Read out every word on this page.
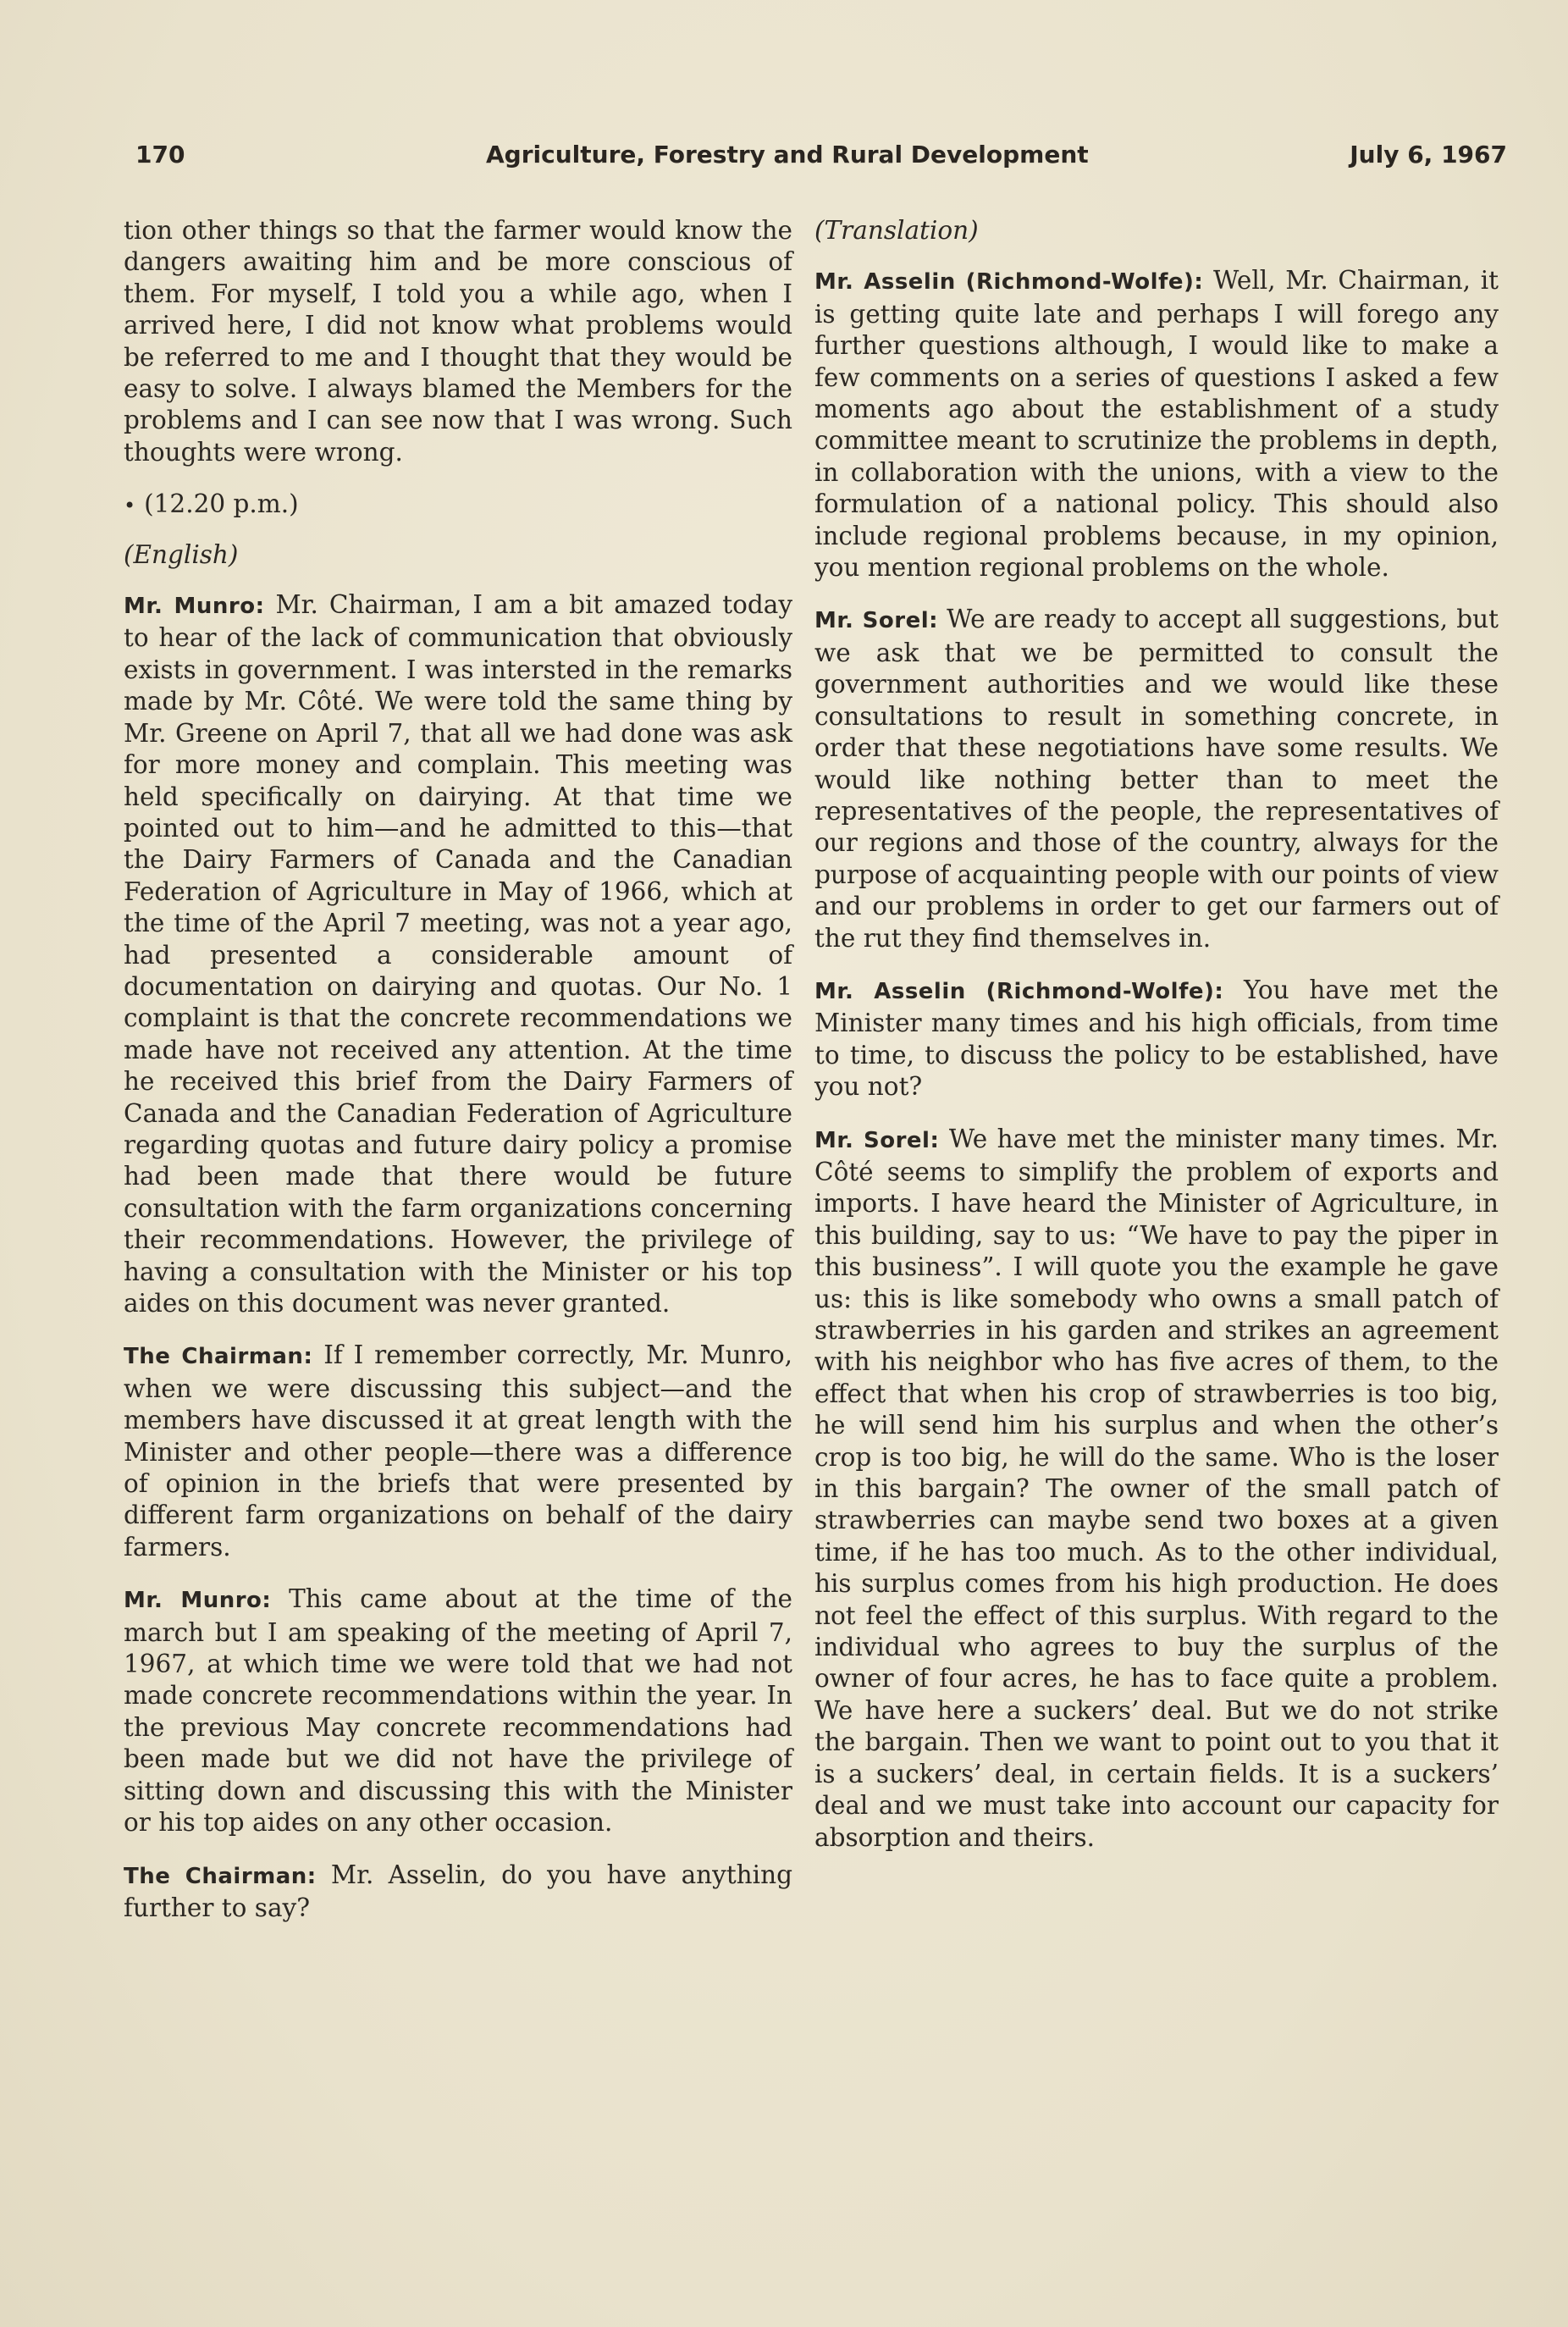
170	Agriculture, Forestry and Rural Development	July 6, 1967

tion other things so that the farmer would know the dangers awaiting him and be more conscious of them. For myself, I told you a while ago, when I arrived here, I did not know what problems would be referred to me and I thought that they would be easy to solve. I always blamed the Members for the problems and I can see now that I was wrong. Such thoughts were wrong.

• (12.20 p.m.)

(English)

Mr. Munro: Mr. Chairman, I am a bit amazed today to hear of the lack of communication that obviously exists in government. I was intersted in the remarks made by Mr. Côté. We were told the same thing by Mr. Greene on April 7, that all we had done was ask for more money and complain. This meeting was held specifically on dairying. At that time we pointed out to him—and he admitted to this—that the Dairy Farmers of Canada and the Canadian Federation of Agriculture in May of 1966, which at the time of the April 7 meeting, was not a year ago, had presented a considerable amount of documentation on dairying and quotas. Our No. 1 complaint is that the concrete recommendations we made have not received any attention. At the time he received this brief from the Dairy Farmers of Canada and the Canadian Federation of Agriculture regarding quotas and future dairy policy a promise had been made that there would be future consultation with the farm organizations concerning their recommendations. However, the privilege of having a consultation with the Minister or his top aides on this document was never granted.

The Chairman: If I remember correctly, Mr. Munro, when we were discussing this subject—and the members have discussed it at great length with the Minister and other people—there was a difference of opinion in the briefs that were presented by different farm organizations on behalf of the dairy farmers.

Mr. Munro: This came about at the time of the march but I am speaking of the meeting of April 7, 1967, at which time we were told that we had not made concrete recommendations within the year. In the previous May concrete recommendations had been made but we did not have the privilege of sitting down and discussing this with the Minister or his top aides on any other occasion.

The Chairman: Mr. Asselin, do you have anything further to say?

(Translation)

Mr. Asselin (Richmond-Wolfe): Well, Mr. Chairman, it is getting quite late and perhaps I will forego any further questions although, I would like to make a few comments on a series of questions I asked a few moments ago about the establishment of a study committee meant to scrutinize the problems in depth, in collaboration with the unions, with a view to the formulation of a national policy. This should also include regional problems because, in my opinion, you mention regional problems on the whole.

Mr. Sorel: We are ready to accept all suggestions, but we ask that we be permitted to consult the government authorities and we would like these consultations to result in something concrete, in order that these negotiations have some results. We would like nothing better than to meet the representatives of the people, the representatives of our regions and those of the country, always for the purpose of acquainting people with our points of view and our problems in order to get our farmers out of the rut they find themselves in.

Mr. Asselin (Richmond-Wolfe): You have met the Minister many times and his high officials, from time to time, to discuss the policy to be established, have you not?

Mr. Sorel: We have met the minister many times. Mr. Côté seems to simplify the problem of exports and imports. I have heard the Minister of Agriculture, in this building, say to us: “We have to pay the piper in this business”. I will quote you the example he gave us: this is like somebody who owns a small patch of strawberries in his garden and strikes an agreement with his neighbor who has five acres of them, to the effect that when his crop of strawberries is too big, he will send him his surplus and when the other’s crop is too big, he will do the same. Who is the loser in this bargain? The owner of the small patch of strawberries can maybe send two boxes at a given time, if he has too much. As to the other individual, his surplus comes from his high production. He does not feel the effect of this surplus. With regard to the individual who agrees to buy the surplus of the owner of four acres, he has to face quite a problem. We have here a suckers’ deal. But we do not strike the bargain. Then we want to point out to you that it is a suckers’ deal, in certain fields. It is a suckers’ deal and we must take into account our capacity for absorption and theirs.
